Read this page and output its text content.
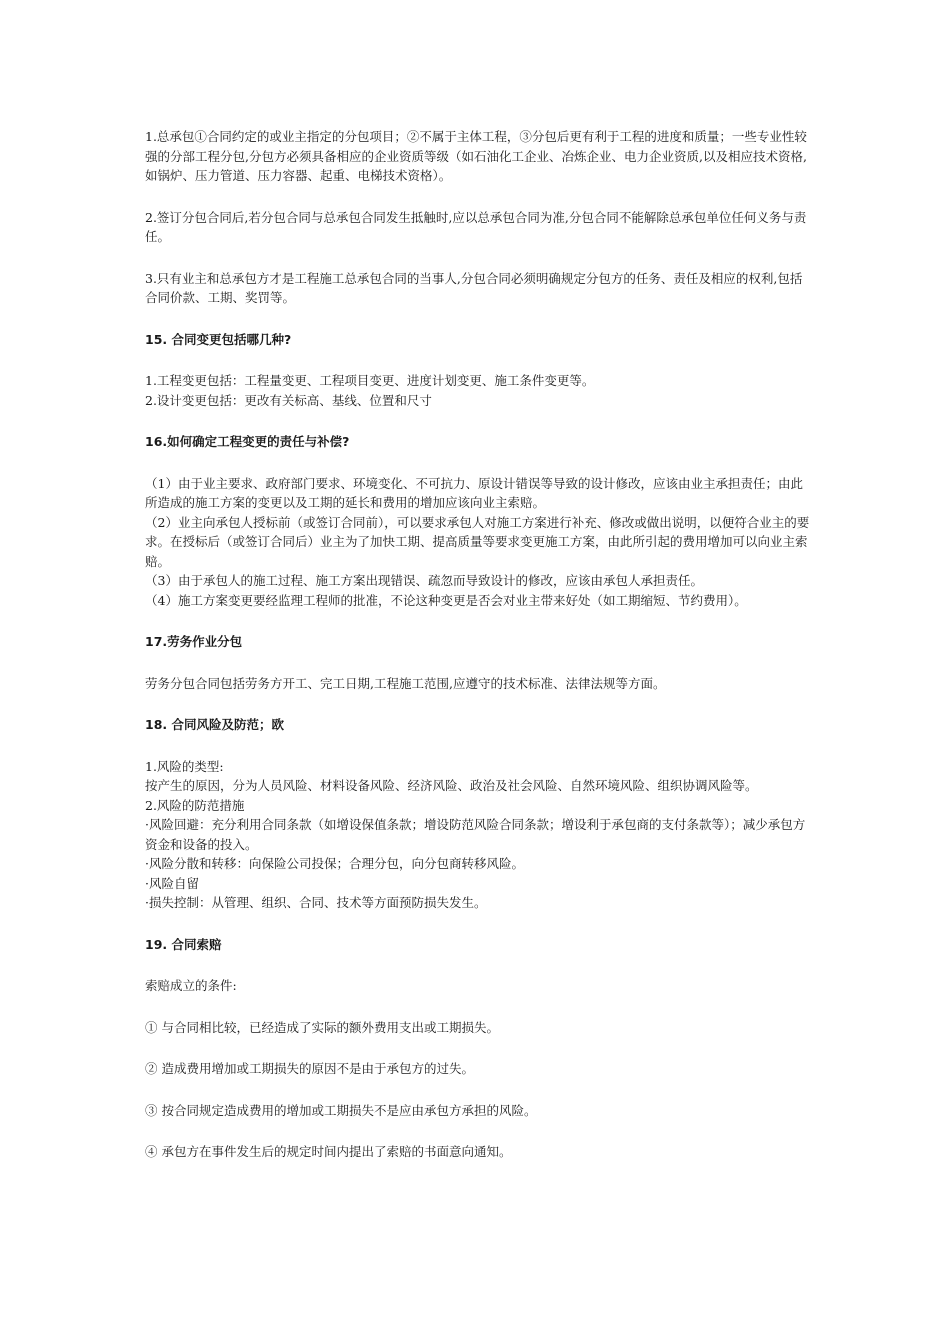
1.总承包①合同约定的或业主指定的分包项目；②不属于主体工程，③分包后更有利于工程的进度和质量；一些专业性较强的分部工程分包,分包方必须具备相应的企业资质等级（如石油化工企业、冶炼企业、电力企业资质,以及相应技术资格,如锅炉、压力管道、压力容器、起重、电梯技术资格）。

2.签订分包合同后,若分包合同与总承包合同发生抵触时,应以总承包合同为准,分包合同不能解除总承包单位任何义务与责任。

3.只有业主和总承包方才是工程施工总承包合同的当事人,分包合同必须明确规定分包方的任务、责任及相应的权利,包括合同价款、工期、奖罚等。

15. 合同变更包括哪几种?

1.工程变更包括：工程量变更、工程项目变更、进度计划变更、施工条件变更等。

2.设计变更包括：更改有关标高、基线、位置和尺寸

16.如何确定工程变更的责任与补偿?

（1）由于业主要求、政府部门要求、环境变化、不可抗力、原设计错误等导致的设计修改，应该由业主承担责任；由此所造成的施工方案的变更以及工期的延长和费用的增加应该向业主索赔。

（2）业主向承包人授标前（或签订合同前），可以要求承包人对施工方案进行补充、修改或做出说明，以便符合业主的要求。在授标后（或签订合同后）业主为了加快工期、提高质量等要求变更施工方案，由此所引起的费用增加可以向业主索赔。

（3）由于承包人的施工过程、施工方案出现错误、疏忽而导致设计的修改，应该由承包人承担责任。

（4）施工方案变更要经监理工程师的批准，不论这种变更是否会对业主带来好处（如工期缩短、节约费用）。

17.劳务作业分包

劳务分包合同包括劳务方开工、完工日期,工程施工范围,应遵守的技术标准、法律法规等方面。

18. 合同风险及防范；欧

1.风险的类型:

按产生的原因，分为人员风险、材料设备风险、经济风险、政治及社会风险、自然环境风险、组织协调风险等。

2.风险的防范措施

·风险回避：充分利用合同条款（如增设保值条款；增设防范风险合同条款；增设利于承包商的支付条款等）；减少承包方资金和设备的投入。

·风险分散和转移：向保险公司投保；合理分包，向分包商转移风险。

·风险自留

·损失控制：从管理、组织、合同、技术等方面预防损失发生。

19. 合同索赔

索赔成立的条件:

① 与合同相比较，已经造成了实际的额外费用支出或工期损失。

② 造成费用增加或工期损失的原因不是由于承包方的过失。

③ 按合同规定造成费用的增加或工期损失不是应由承包方承担的风险。

④ 承包方在事件发生后的规定时间内提出了索赔的书面意向通知。
